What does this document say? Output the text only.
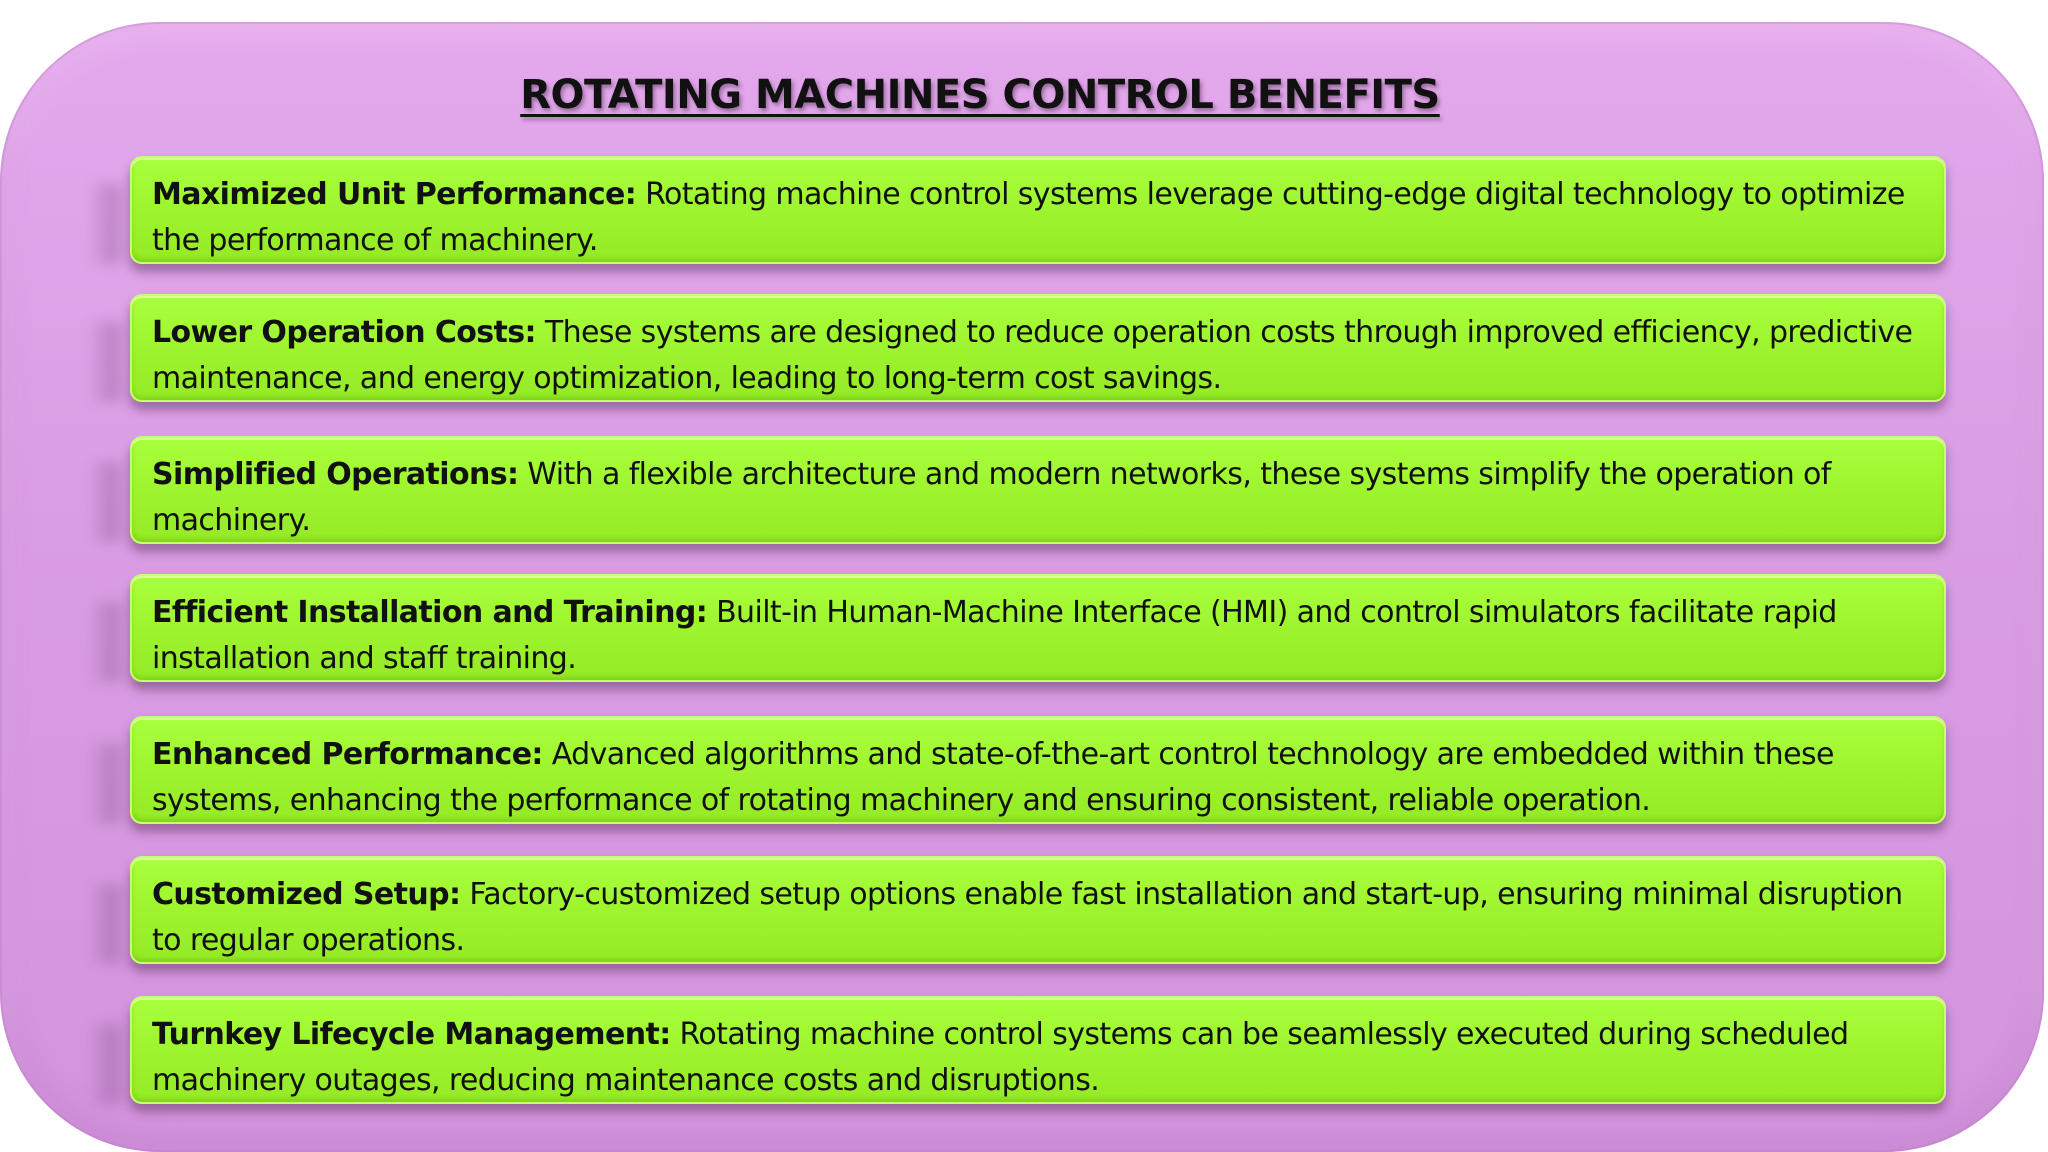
ROTATING MACHINES CONTROL BENEFITS
Maximized Unit Performance: Rotating machine control systems leverage cutting-edge digital technology to optimize the performance of machinery.
Lower Operation Costs: These systems are designed to reduce operation costs through improved efficiency, predictive maintenance, and energy optimization, leading to long-term cost savings.
Simplified Operations: With a flexible architecture and modern networks, these systems simplify the operation of machinery.
Efficient Installation and Training: Built-in Human-Machine Interface (HMI) and control simulators facilitate rapid installation and staff training.
Enhanced Performance: Advanced algorithms and state-of-the-art control technology are embedded within these systems, enhancing the performance of rotating machinery and ensuring consistent, reliable operation.
Customized Setup: Factory-customized setup options enable fast installation and start-up, ensuring minimal disruption to regular operations.
Turnkey Lifecycle Management: Rotating machine control systems can be seamlessly executed during scheduled machinery outages, reducing maintenance costs and disruptions.
